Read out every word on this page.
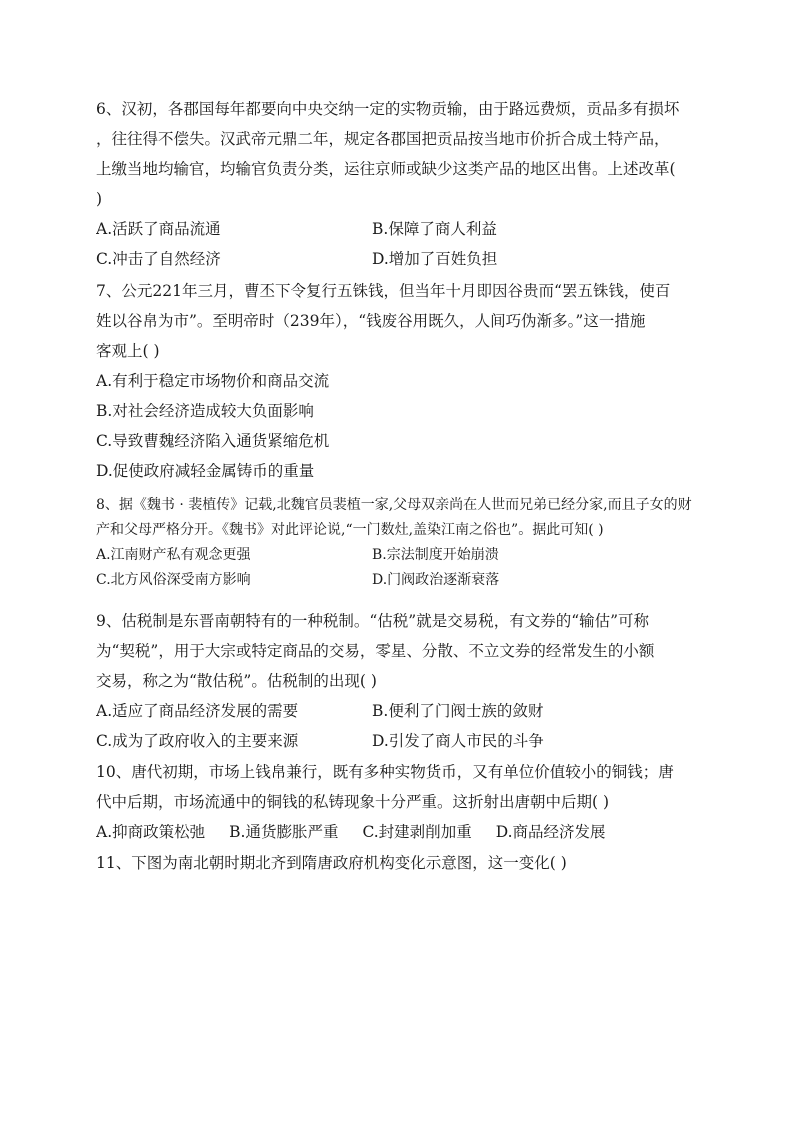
6、汉初，各郡国每年都要向中央交纳一定的实物贡输，由于路远费烦，贡品多有损坏
，往往得不偿失。汉武帝元鼎二年，规定各郡国把贡品按当地市价折合成土特产品，
上缴当地均输官，均输官负责分类，运往京师或缺少这类产品的地区出售。上述改革(
)
A.活跃了商品流通	B.保障了商人利益
C.冲击了自然经济	D.增加了百姓负担
7、公元221年三月，曹丕下令复行五铢钱，但当年十月即因谷贵而“罢五铢钱，使百
姓以谷帛为市”。至明帝时（239年），“钱废谷用既久，人间巧伪渐多。”这一措施
客观上( )
A.有利于稳定市场物价和商品交流
B.对社会经济造成较大负面影响
C.导致曹魏经济陷入通货紧缩危机
D.促使政府减轻金属铸币的重量
8、据《魏书 · 裴植传》记载,北魏官员裴植一家,父母双亲尚在人世而兄弟已经分家,而且子女的财
产和父母严格分开。《魏书》对此评论说,“一门数灶,盖染江南之俗也”。据此可知( )
A.江南财产私有观念更强	B.宗法制度开始崩溃
C.北方风俗深受南方影响	D.门阀政治逐渐衰落
9、估税制是东晋南朝特有的一种税制。“估税”就是交易税，有文券的“输估”可称
为“契税”，用于大宗或特定商品的交易，零星、分散、不立文券的经常发生的小额
交易，称之为“散估税”。估税制的出现( )
A.适应了商品经济发展的需要	B.便利了门阀士族的敛财
C.成为了政府收入的主要来源	D.引发了商人市民的斗争
10、唐代初期，市场上钱帛兼行，既有多种实物货币，又有单位价值较小的铜钱；唐
代中后期，市场流通中的铜钱的私铸现象十分严重。这折射出唐朝中后期( )
A.抑商政策松弛 B.通货膨胀严重 C.封建剥削加重 D.商品经济发展
11、下图为南北朝时期北齐到隋唐政府机构变化示意图，这一变化( )
